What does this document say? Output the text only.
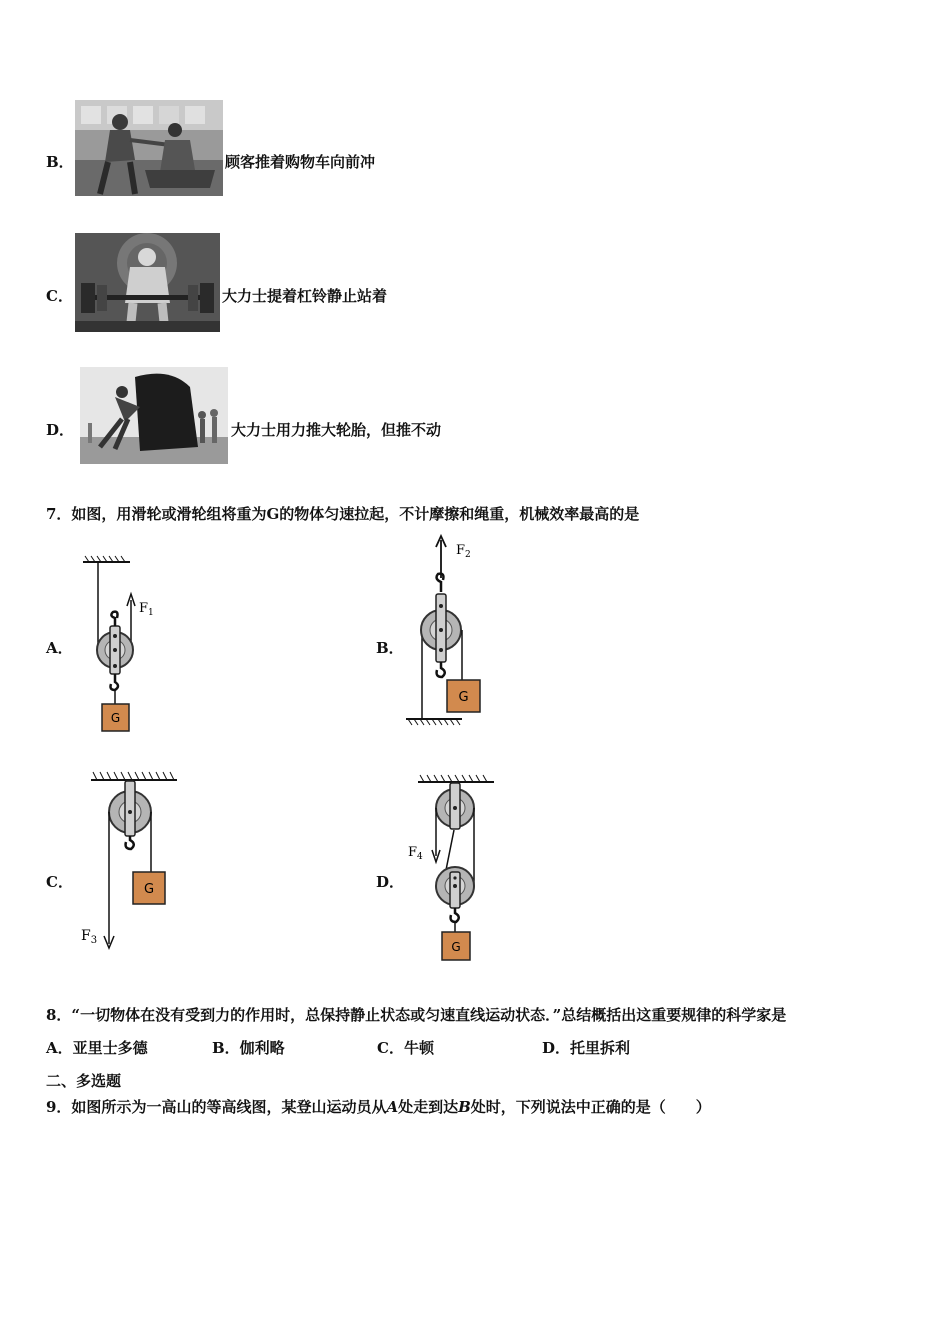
B．	顾客推着购物车向前冲
C．	大力士提着杠铃静止站着
D．	大力士用力推大轮胎，但推不动
7．如图，用滑轮或滑轮组将重为G的物体匀速拉起，不计摩擦和绳重，机械效率最高的是
A．
$F_1$
G
B．
$F_2$
G
C．	G
$F_3$
D．
$F_4$
G
8．“一切物体在没有受到力的作用时，总保持静止状态或匀速直线运动状态．”总结概括出这重要规律的科学家是
A．亚里士多德	B．伽利略	C．牛顿	D．托里拆利
二、多选题
9．如图所示为一高山的等高线图，某登山运动员从A处走到达B处时，下列说法中正确的是（　　）
